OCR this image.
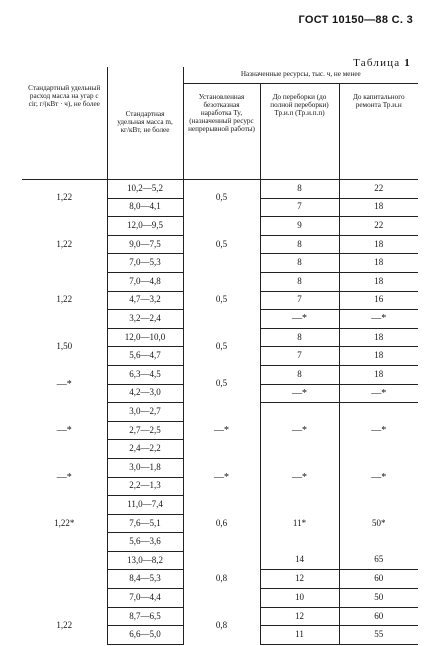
ГОСТ 10150—88 С. 3
Таблица 1
Стандартный удельный расход масла на угар c ciг, г/(кВт · ч), не более	Стандартная удельная масса m, кг/кВт, не более	Назначенные ресурсы, тыс. ч, не менее		
		Установленная безотказная наработка Ty, (назначенный ресурс непрерывной работы)	До переборки (до полной переборки) Тр.и.п (Тр.и.п.п)	До капитального ремонта Тр.и.н
1,22	10,2—5,2	0,5	8	22
	8,0—4,1		7	18
1,22	12,0—9,5	0,5	9	22
	9,0—7,5		8	18
	7,0—5,3		8	18
1,22	7,0—4,8	0,5	8	18
	4,7—3,2		7	16
	3,2—2,4		—*	—*
1,50	12,0—10,0	0,5	8	18
	5,6—4,7		7	18
—*	6,3—4,5	0,5	8	18
	4,2—3,0		—*	—*
—*	3,0—2,7	—*	—*	—*
	2,7—2,5			
	2,4—2,2			
—*	3,0—1,8	—*	—*	—*
	2,2—1,3			
1,22*	11,0—7,4	0,6	11*	50*
	7,6—5,1			
	5,6—3,6			
	13,0—8,2	0,8	14	65
	8,4—5,3		12	60
	7,0—4,4		10	50
1,22	8,7—6,5	0,8	12	60
	6,6—5,0		11	55
